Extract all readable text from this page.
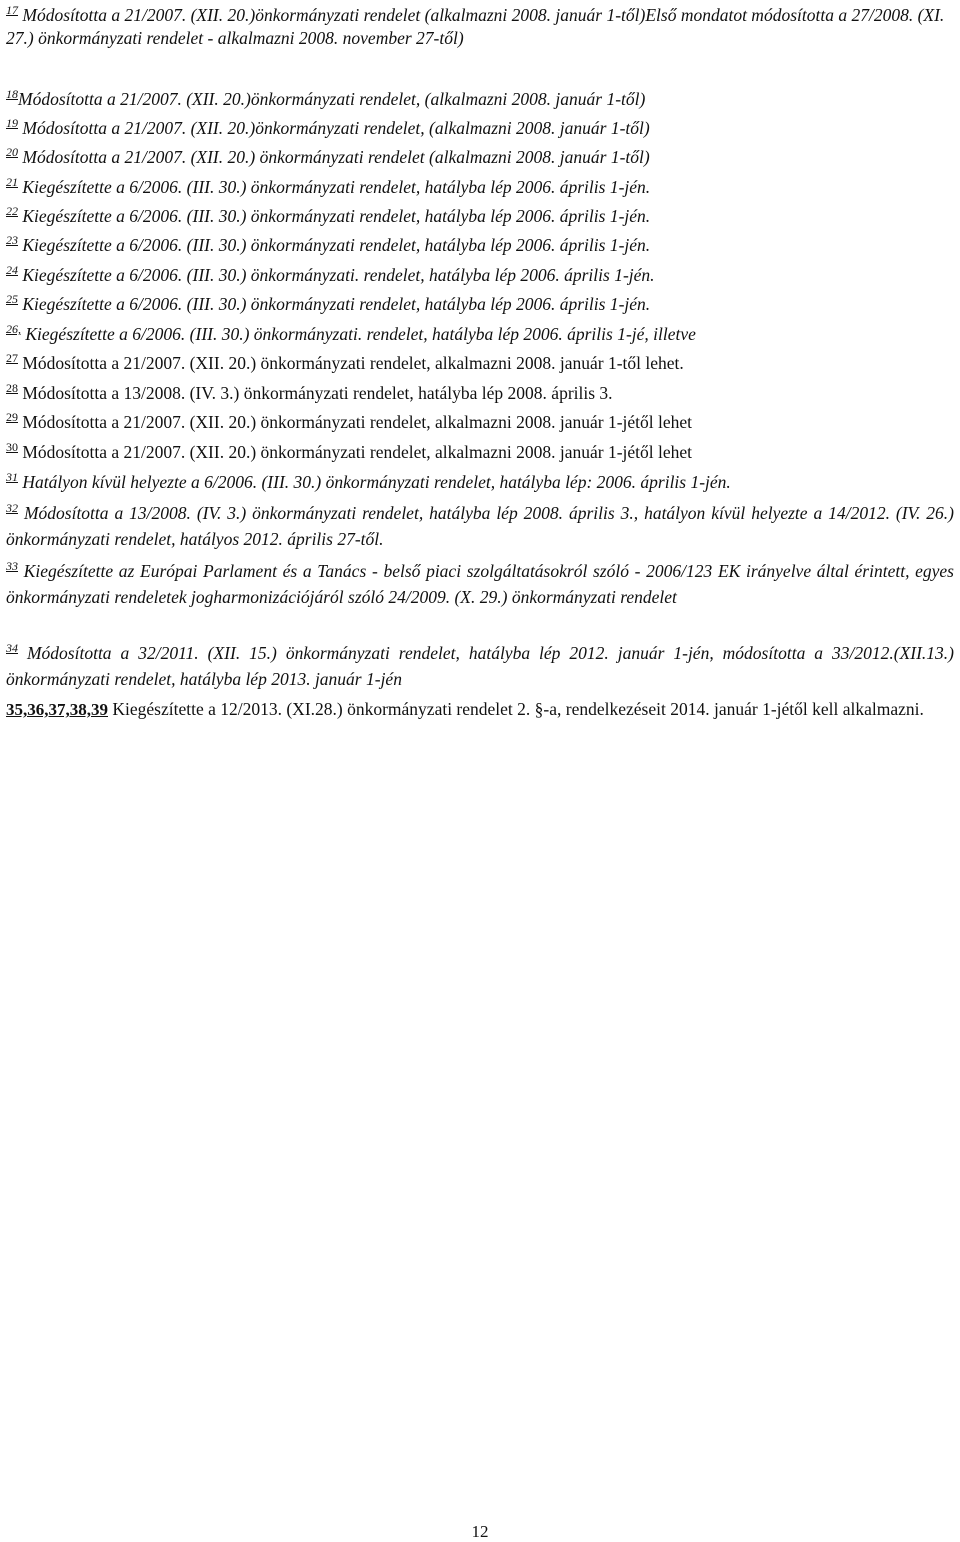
$^{17}$ Módosította a 21/2007. (XII. 20.)önkormányzati rendelet (alkalmazni 2008. január 1-től)Első mondatot módosította a 27/2008. (XI. 27.) önkormányzati rendelet - alkalmazni 2008. november 27-től)
$^{18}$Módosította a 21/2007. (XII. 20.)önkormányzati rendelet, (alkalmazni 2008. január 1-től)
$^{19}$ Módosította a 21/2007. (XII. 20.)önkormányzati rendelet, (alkalmazni 2008. január 1-től)
$^{20}$ Módosította a 21/2007. (XII. 20.) önkormányzati rendelet (alkalmazni 2008. január 1-től)
$^{21}$ Kiegészítette a 6/2006. (III. 30.) önkormányzati rendelet, hatályba lép 2006. április 1-jén.
$^{22}$ Kiegészítette a 6/2006. (III. 30.) önkormányzati rendelet, hatályba lép 2006. április 1-jén.
$^{23}$ Kiegészítette a 6/2006. (III. 30.) önkormányzati rendelet, hatályba lép 2006. április 1-jén.
$^{24}$ Kiegészítette a 6/2006. (III. 30.) önkormányzati. rendelet, hatályba lép 2006. április 1-jén.
$^{25}$ Kiegészítette a 6/2006. (III. 30.) önkormányzati rendelet, hatályba lép 2006. április 1-jén.
$^{26,}$ Kiegészítette a 6/2006. (III. 30.) önkormányzati. rendelet, hatályba lép 2006. április 1-jé, illetve
$^{27}$ Módosította a 21/2007. (XII. 20.) önkormányzati rendelet, alkalmazni 2008. január 1-től lehet.
$^{28}$ Módosította a 13/2008. (IV. 3.) önkormányzati rendelet, hatályba lép 2008. április 3.
$^{29}$ Módosította a 21/2007. (XII. 20.) önkormányzati rendelet, alkalmazni 2008. január 1-jétől lehet
$^{30}$ Módosította a 21/2007. (XII. 20.) önkormányzati rendelet, alkalmazni 2008. január 1-jétől lehet
$^{31}$ Hatályon kívül helyezte a 6/2006. (III. 30.) önkormányzati rendelet, hatályba lép: 2006. április 1-jén.
$^{32}$ Módosította a 13/2008. (IV. 3.) önkormányzati rendelet, hatályba lép 2008. április 3., hatályon kívül helyezte a 14/2012. (IV. 26.) önkormányzati rendelet, hatályos 2012. április 27-től.
$^{33}$ Kiegészítette az Európai Parlament és a Tanács - belső piaci szolgáltatásokról szóló - 2006/123 EK irányelve által érintett, egyes önkormányzati rendeletek jogharmonizációjáról szóló 24/2009. (X. 29.) önkormányzati rendelet
$^{34}$ Módosította a 32/2011. (XII. 15.) önkormányzati rendelet, hatályba lép 2012. január 1-jén, módosította a 33/2012.(XII.13.) önkormányzati rendelet, hatályba lép 2013. január 1-jén
35,36,37,38,39 Kiegészítette a 12/2013. (XI.28.) önkormányzati rendelet 2. §-a, rendelkezéseit 2014. január 1-jétől kell alkalmazni.
12
